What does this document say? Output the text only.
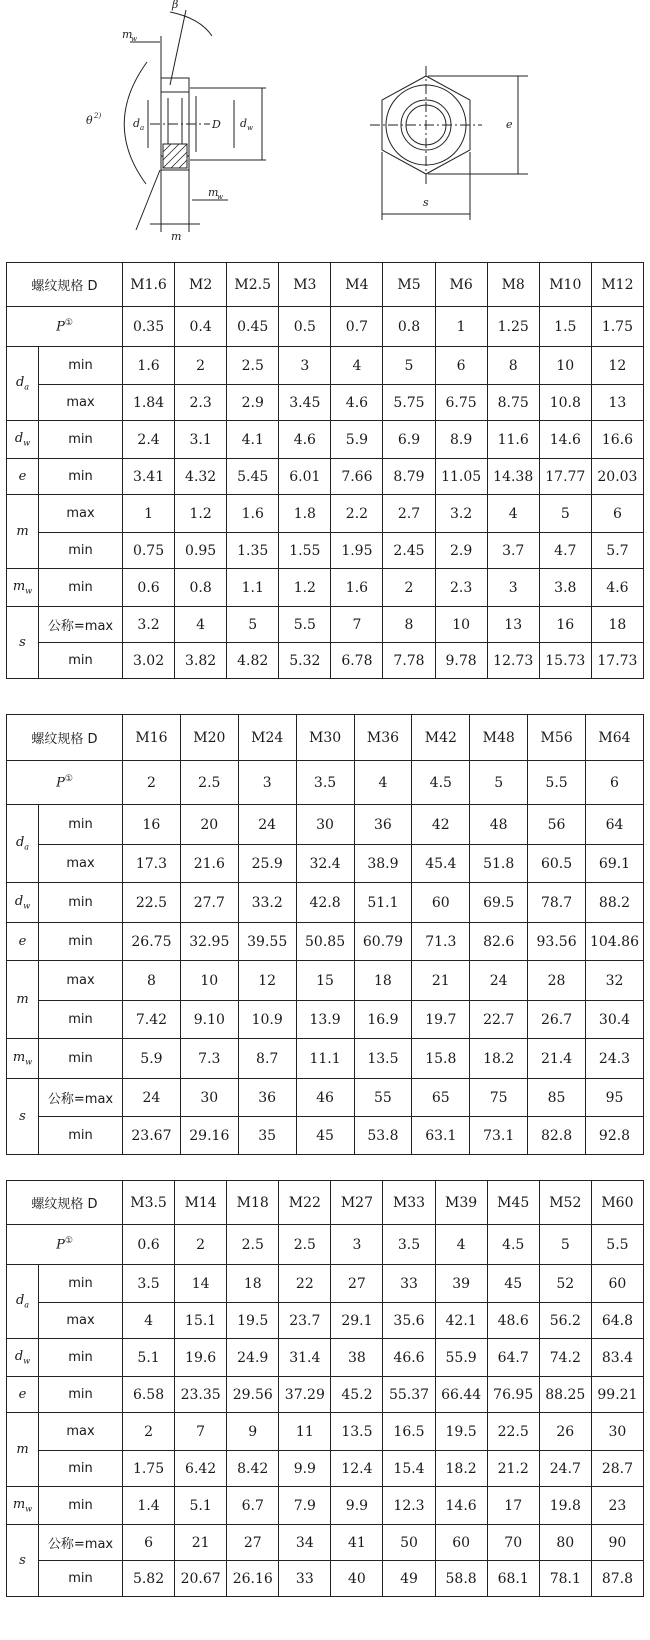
β
θ 2)
m
w
d a	D d w
m
w
m
e
s
螺纹规格 D		M1.6	M2	M2.5	M3	M4	M5	M6	M8	M10	M12
P①		0.35	0.4	0.45	0.5	0.7	0.8	1	1.25	1.5	1.75
$d_a$	min	1.6	2	2.5	3	4	5	6	8	10	12
	max	1.84	2.3	2.9	3.45	4.6	5.75	6.75	8.75	10.8	13
$d_w$	min	2.4	3.1	4.1	4.6	5.9	6.9	8.9	11.6	14.6	16.6
e	min	3.41	4.32	5.45	6.01	7.66	8.79	11.05	14.38	17.77	20.03
m	max	1	1.2	1.6	1.8	2.2	2.7	3.2	4	5	6
	min	0.75	0.95	1.35	1.55	1.95	2.45	2.9	3.7	4.7	5.7
$m_w$	min	0.6	0.8	1.1	1.2	1.6	2	2.3	3	3.8	4.6
s	公称=max	3.2	4	5	5.5	7	8	10	13	16	18
	min	3.02	3.82	4.82	5.32	6.78	7.78	9.78	12.73	15.73	17.73
螺纹规格 D		M16	M20	M24	M30	M36	M42	M48	M56	M64
P①		2	2.5	3	3.5	4	4.5	5	5.5	6
$d_a$	min	16	20	24	30	36	42	48	56	64
	max	17.3	21.6	25.9	32.4	38.9	45.4	51.8	60.5	69.1
$d_w$	min	22.5	27.7	33.2	42.8	51.1	60	69.5	78.7	88.2
e	min	26.75	32.95	39.55	50.85	60.79	71.3	82.6	93.56	104.86
m	max	8	10	12	15	18	21	24	28	32
	min	7.42	9.10	10.9	13.9	16.9	19.7	22.7	26.7	30.4
$m_w$	min	5.9	7.3	8.7	11.1	13.5	15.8	18.2	21.4	24.3
s	公称=max	24	30	36	46	55	65	75	85	95
	min	23.67	29.16	35	45	53.8	63.1	73.1	82.8	92.8
螺纹规格 D		M3.5	M14	M18	M22	M27	M33	M39	M45	M52	M60
P①		0.6	2	2.5	2.5	3	3.5	4	4.5	5	5.5
$d_a$	min	3.5	14	18	22	27	33	39	45	52	60
	max	4	15.1	19.5	23.7	29.1	35.6	42.1	48.6	56.2	64.8
$d_w$	min	5.1	19.6	24.9	31.4	38	46.6	55.9	64.7	74.2	83.4
e	min	6.58	23.35	29.56	37.29	45.2	55.37	66.44	76.95	88.25	99.21
m	max	2	7	9	11	13.5	16.5	19.5	22.5	26	30
	min	1.75	6.42	8.42	9.9	12.4	15.4	18.2	21.2	24.7	28.7
$m_w$	min	1.4	5.1	6.7	7.9	9.9	12.3	14.6	17	19.8	23
s	公称=max	6	21	27	34	41	50	60	70	80	90
	min	5.82	20.67	26.16	33	40	49	58.8	68.1	78.1	87.8
